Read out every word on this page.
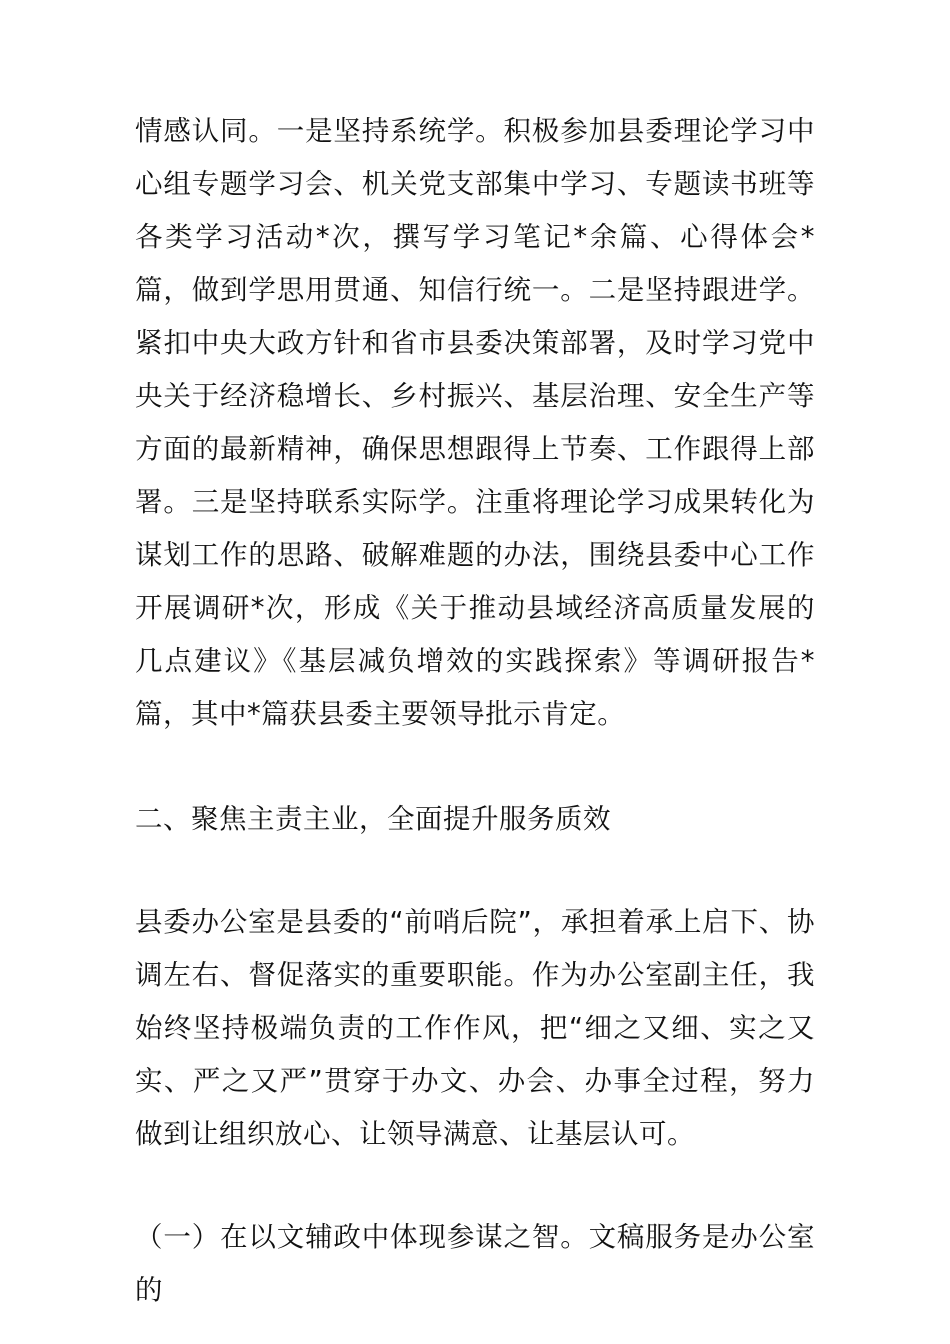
情感认同。一是坚持系统学。积极参加县委理论学习中心组专题学习会、机关党支部集中学习、专题读书班等各类学习活动*次，撰写学习笔记*余篇、心得体会*篇，做到学思用贯通、知信行统一。二是坚持跟进学。紧扣中央大政方针和省市县委决策部署，及时学习党中央关于经济稳增长、乡村振兴、基层治理、安全生产等方面的最新精神，确保思想跟得上节奏、工作跟得上部署。三是坚持联系实际学。注重将理论学习成果转化为谋划工作的思路、破解难题的办法，围绕县委中心工作开展调研*次，形成《关于推动县域经济高质量发展的几点建议》《基层减负增效的实践探索》等调研报告*篇，其中*篇获县委主要领导批示肯定。

二、聚焦主责主业，全面提升服务质效

县委办公室是县委的“前哨后院”，承担着承上启下、协调左右、督促落实的重要职能。作为办公室副主任，我始终坚持极端负责的工作作风，把“细之又细、实之又实、严之又严”贯穿于办文、办会、办事全过程，努力做到让组织放心、让领导满意、让基层认可。

（一）在以文辅政中体现参谋之智。文稿服务是办公室的
